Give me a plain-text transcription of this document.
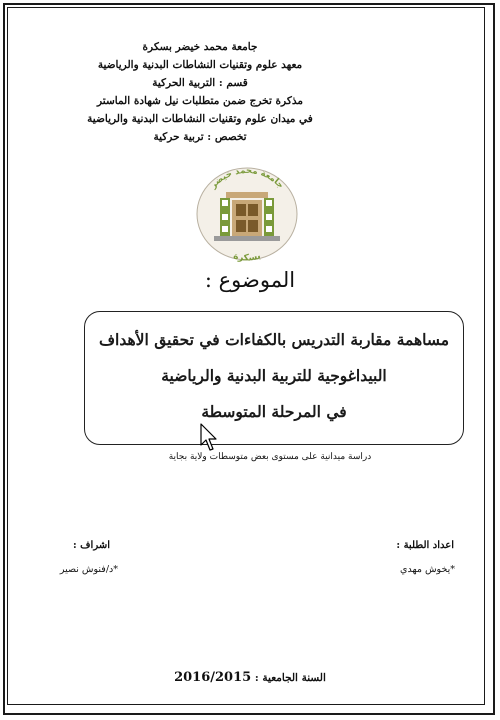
جامعة محمد خيضر بسكرة
معهد علوم وتقنيات النشاطات البدنية والرياضية
قسم : التربية الحركية
مذكرة تخرج ضمن متطلبات نيل شهادة الماستر
في ميدان علوم وتقنيات النشاطات البدنية والرياضية
تخصص : تربية حركية
جامعة محمد خيضر
بسكرة
الموضوع :
مساهمة مقاربة التدريس بالكفاءات في تحقيق الأهداف
البيداغوجية للتربية البدنية والرياضية
في المرحلة المتوسطة
دراسة ميدانية على مستوى بعض متوسطات ولاية بجاية
اعداد الطلبة :
*يخوش مهدي
اشراف :
*د/فنوش نصير
السنة الجامعية : 2016/2015
